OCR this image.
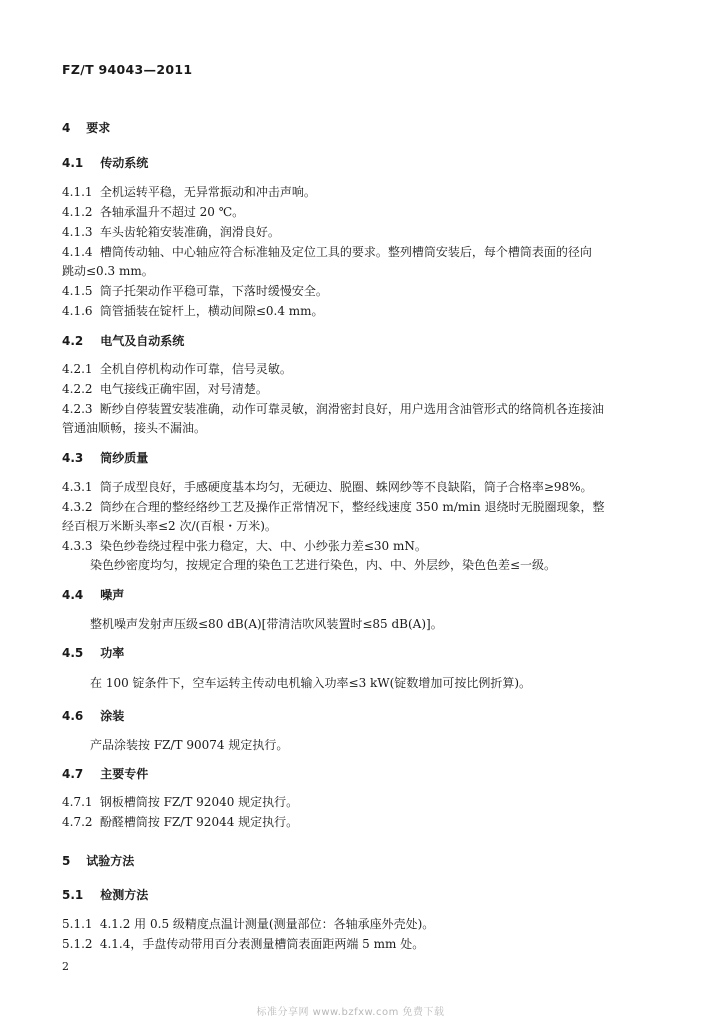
FZ/T 94043—2011
4 要求
4.1 传动系统
4.1.1 全机运转平稳，无异常振动和冲击声响。
4.1.2 各轴承温升不超过 20 ℃。
4.1.3 车头齿轮箱安装准确，润滑良好。
4.1.4 槽筒传动轴、中心轴应符合标准轴及定位工具的要求。整列槽筒安装后，每个槽筒表面的径向
跳动≤0.3 mm。
4.1.5 筒子托架动作平稳可靠，下落时缓慢安全。
4.1.6 筒管插装在锭杆上，横动间隙≤0.4 mm。
4.2 电气及自动系统
4.2.1 全机自停机构动作可靠，信号灵敏。
4.2.2 电气接线正确牢固，对号清楚。
4.2.3 断纱自停装置安装准确，动作可靠灵敏，润滑密封良好，用户选用含油管形式的络筒机各连接油
管通油顺畅，接头不漏油。
4.3 筒纱质量
4.3.1 筒子成型良好，手感硬度基本均匀，无硬边、脱圈、蛛网纱等不良缺陷，筒子合格率≥98%。
4.3.2 筒纱在合理的整经络纱工艺及操作正常情况下，整经线速度 350 m/min 退绕时无脱圈现象，整
经百根万米断头率≤2 次/(百根・万米)。
4.3.3 染色纱卷绕过程中张力稳定，大、中、小纱张力差≤30 mN。
染色纱密度均匀，按规定合理的染色工艺进行染色，内、中、外层纱，染色色差≤一级。
4.4 噪声
整机噪声发射声压级≤80 dB(A)[带清洁吹风装置时≤85 dB(A)]。
4.5 功率
在 100 锭条件下，空车运转主传动电机输入功率≤3 kW(锭数增加可按比例折算)。
4.6 涂装
产品涂装按 FZ/T 90074 规定执行。
4.7 主要专件
4.7.1 钢板槽筒按 FZ/T 92040 规定执行。
4.7.2 酚醛槽筒按 FZ/T 92044 规定执行。
5 试验方法
5.1 检测方法
5.1.1 4.1.2 用 0.5 级精度点温计测量(测量部位：各轴承座外壳处)。
5.1.2 4.1.4，手盘传动带用百分表测量槽筒表面距两端 5 mm 处。
2
标准分享网 www.bzfxw.com 免费下载
